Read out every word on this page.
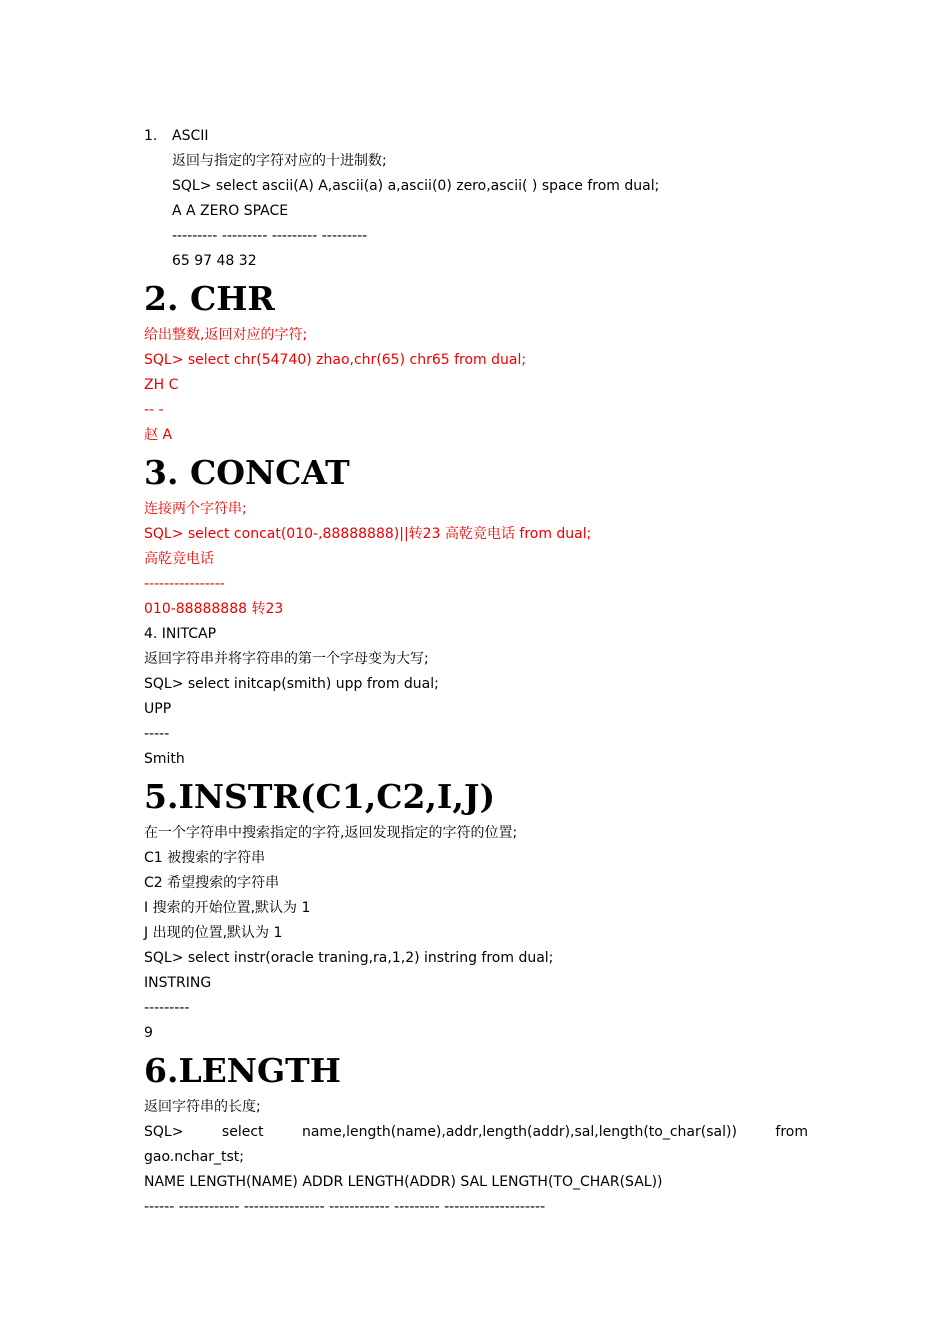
1. ASCII
返回与指定的字符对应的十进制数;
SQL> select ascii(A) A,ascii(a) a,ascii(0) zero,ascii( ) space from dual;
A A ZERO SPACE
--------- --------- --------- ---------
65 97 48 32
2. CHR
给出整数,返回对应的字符;
SQL> select chr(54740) zhao,chr(65) chr65 from dual;
ZH C
-- -
赵 A
3. CONCAT
连接两个字符串;
SQL> select concat(010-,88888888)||转23 高乾竞电话 from dual;
高乾竞电话
----------------
010-88888888 转23
4. INITCAP
返回字符串并将字符串的第一个字母变为大写;
SQL> select initcap(smith) upp from dual;
UPP
-----
Smith
5.INSTR(C1,C2,I,J)
在一个字符串中搜索指定的字符,返回发现指定的字符的位置;
C1 被搜索的字符串
C2 希望搜索的字符串
I 搜索的开始位置,默认为 1
J 出现的位置,默认为 1
SQL> select instr(oracle traning,ra,1,2) instring from dual;
INSTRING
---------
9
6.LENGTH
返回字符串的长度;
SQL>	select	name,length(name),addr,length(addr),sal,length(to_char(sal))	from
gao.nchar_tst;
NAME LENGTH(NAME) ADDR LENGTH(ADDR) SAL LENGTH(TO_CHAR(SAL))
------ ------------ ---------------- ------------ --------- --------------------
